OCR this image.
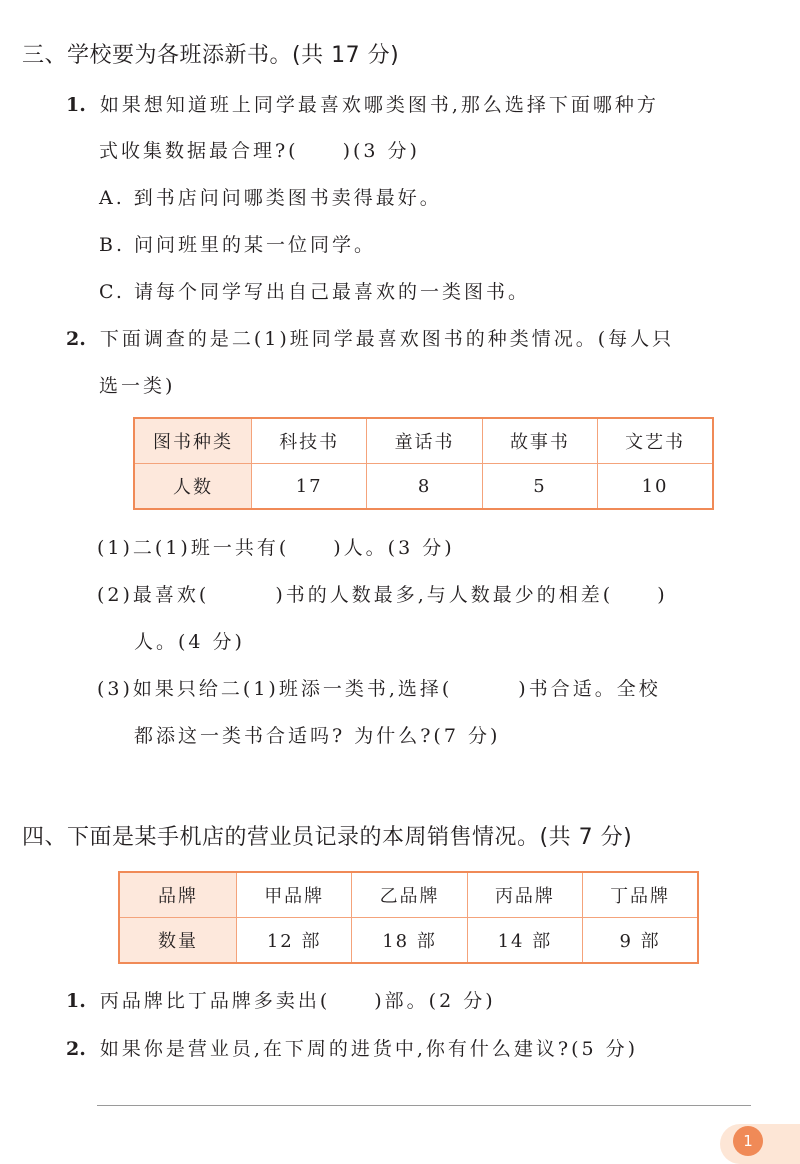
三、学校要为各班添新书。(共 17 分)
1. 如果想知道班上同学最喜欢哪类图书,那么选择下面哪种方
式收集数据最合理?(　　)(3 分)
A. 到书店问问哪类图书卖得最好。
B. 问问班里的某一位同学。
C. 请每个同学写出自己最喜欢的一类图书。
2. 下面调查的是二(1)班同学最喜欢图书的种类情况。(每人只
选一类)
图书种类	科技书	童话书	故事书	文艺书
人数	17	8	5	10
(1)二(1)班一共有(　　)人。(3 分)
(2)最喜欢(　　　)书的人数最多,与人数最少的相差(　　)
人。(4 分)
(3)如果只给二(1)班添一类书,选择(　　　)书合适。全校
都添这一类书合适吗? 为什么?(7 分)
四、下面是某手机店的营业员记录的本周销售情况。(共 7 分)
品牌	甲品牌	乙品牌	丙品牌	丁品牌
数量	12 部	18 部	14 部	9 部
1. 丙品牌比丁品牌多卖出(　　)部。(2 分)
2. 如果你是营业员,在下周的进货中,你有什么建议?(5 分)
1
